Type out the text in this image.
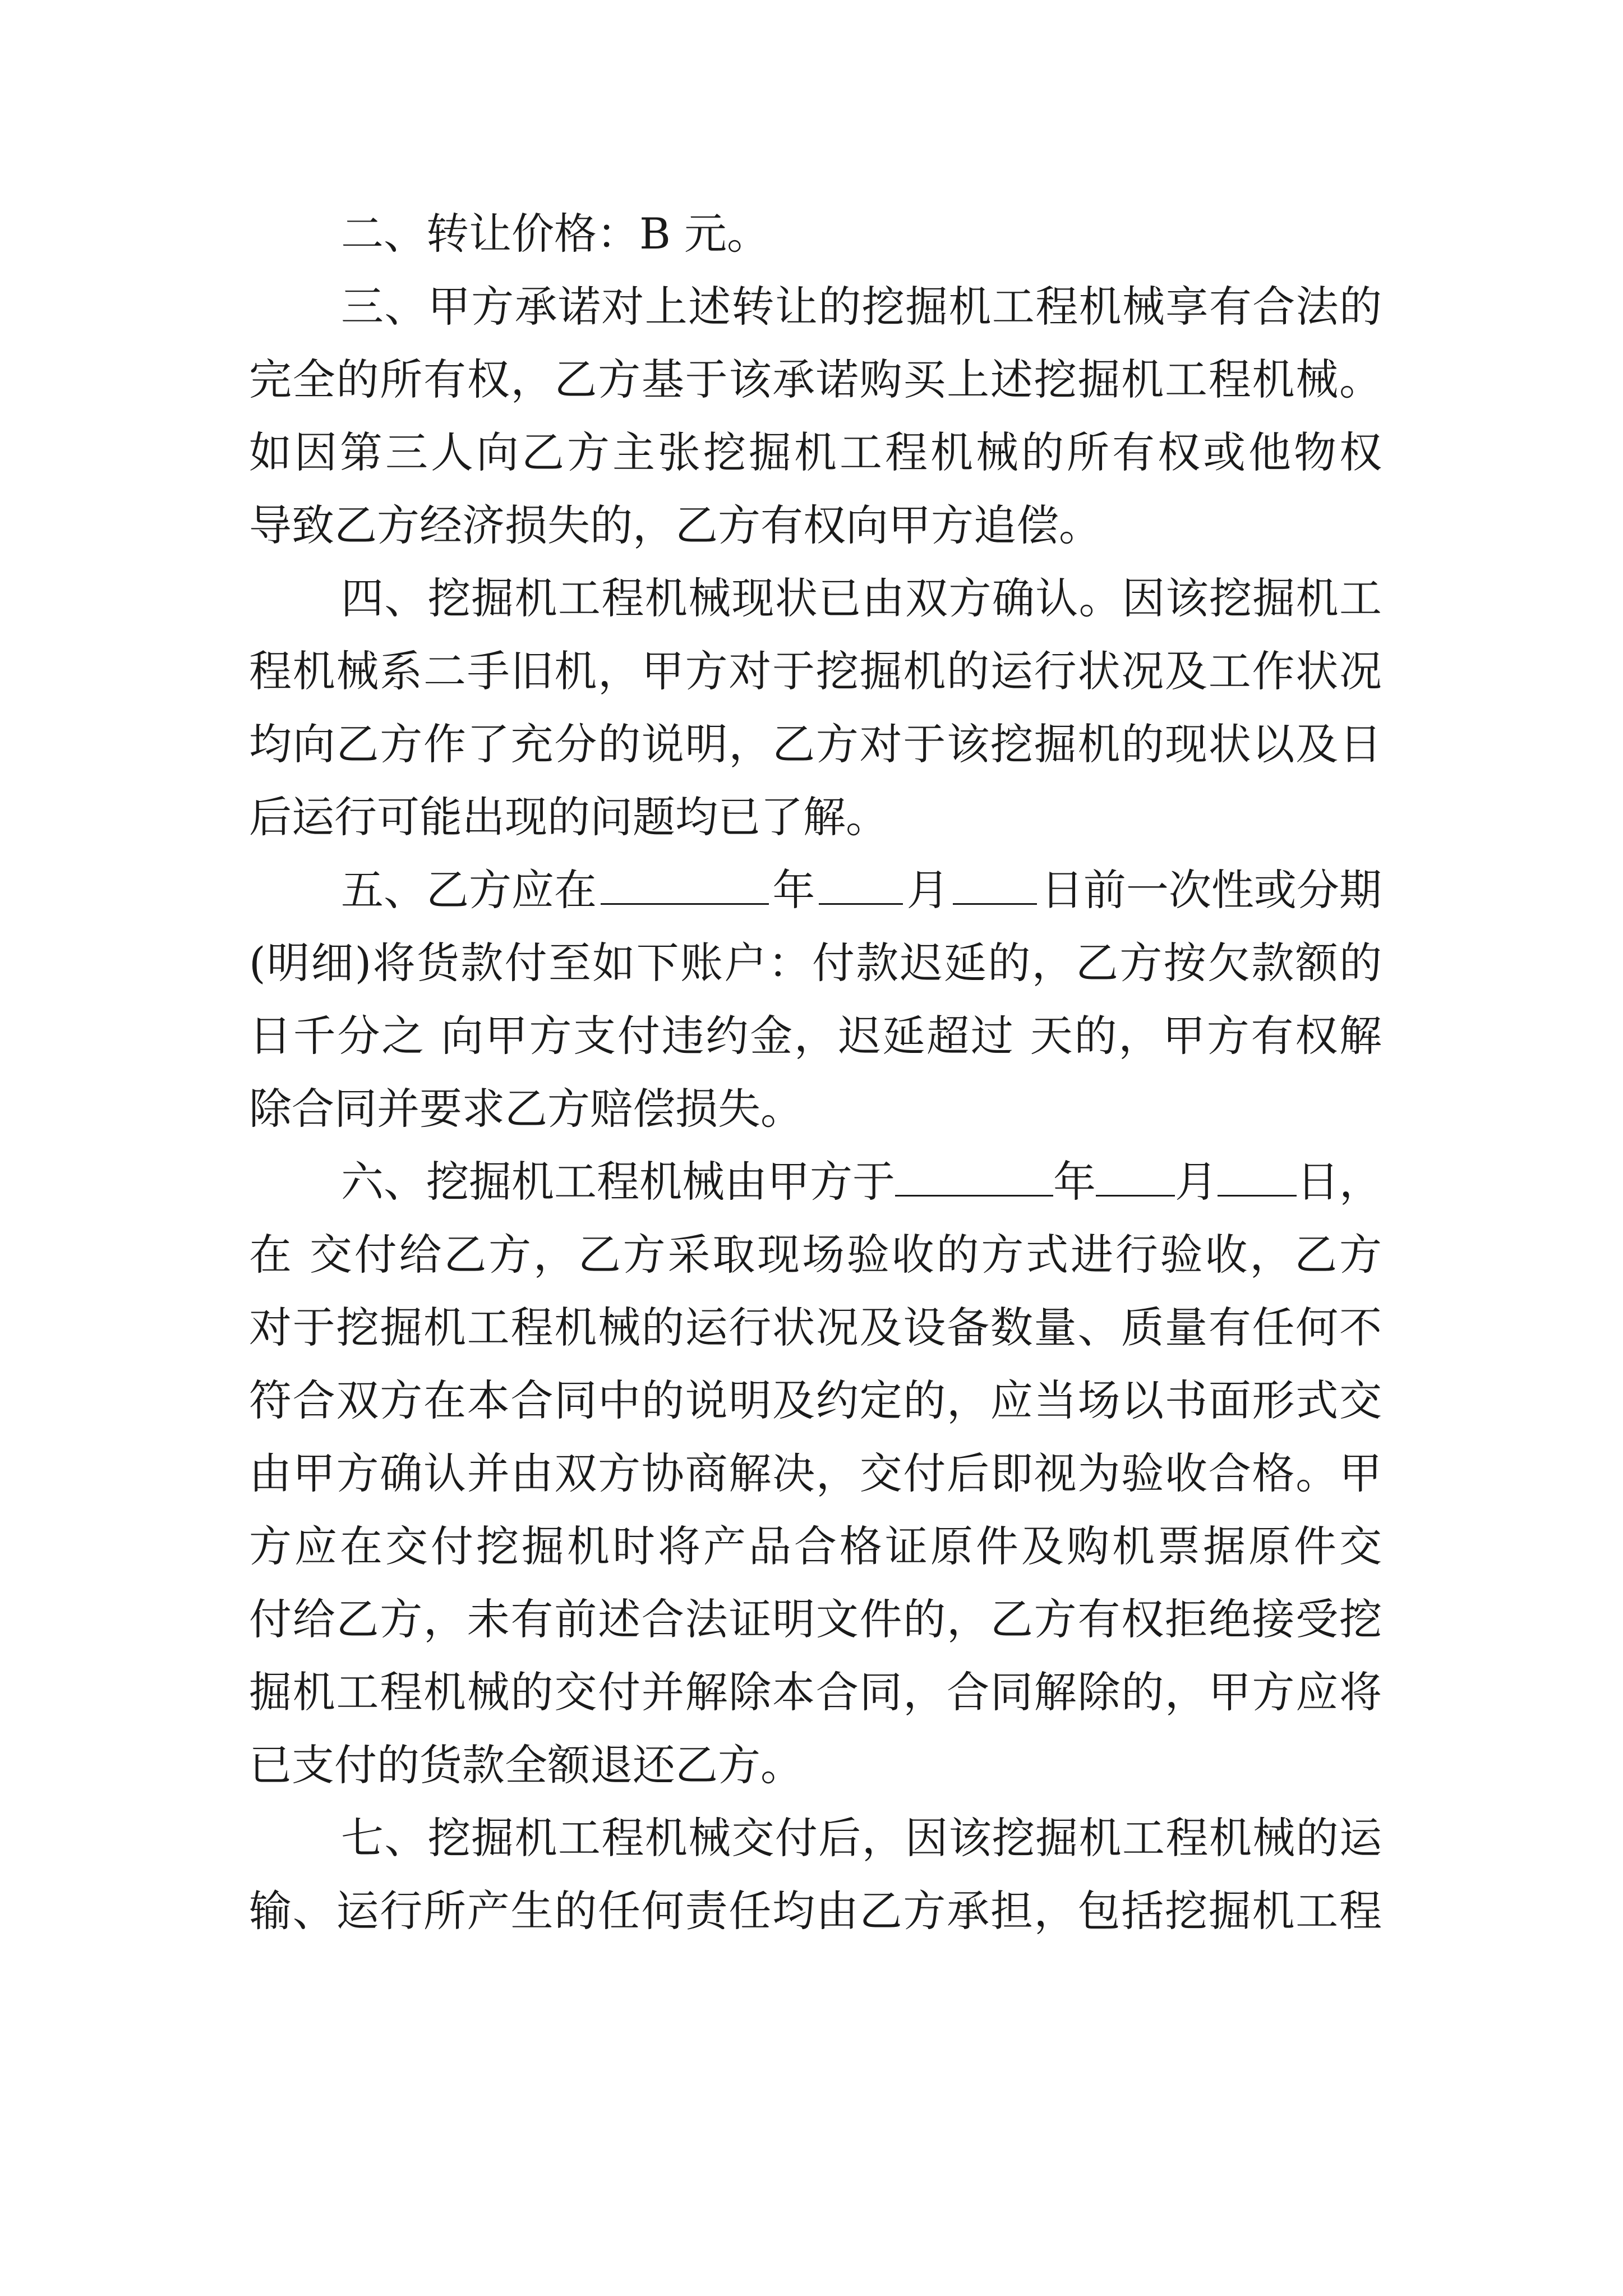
二、转让价格：B 元。
三、甲方承诺对上述转让的挖掘机工程机械享有合法的
完全的所有权，乙方基于该承诺购买上述挖掘机工程机械。
如因第三人向乙方主张挖掘机工程机械的所有权或他物权
导致乙方经济损失的，乙方有权向甲方追偿。
四、挖掘机工程机械现状已由双方确认。因该挖掘机工
程机械系二手旧机，甲方对于挖掘机的运行状况及工作状况
均向乙方作了充分的说明，乙方对于该挖掘机的现状以及日
后运行可能出现的问题均已了解。
五、乙方应在	年 月 日前一次性或分期
(明细)将货款付至如下账户：付款迟延的，乙方按欠款额的
日千分之 向甲方支付违约金，迟延超过 天的，甲方有权解
除合同并要求乙方赔偿损失。
六、挖掘机工程机械由甲方于	年 月 日，
在 交付给乙方，乙方采取现场验收的方式进行验收，乙方
对于挖掘机工程机械的运行状况及设备数量、质量有任何不
符合双方在本合同中的说明及约定的，应当场以书面形式交
由甲方确认并由双方协商解决，交付后即视为验收合格。甲
方应在交付挖掘机时将产品合格证原件及购机票据原件交
付给乙方，未有前述合法证明文件的，乙方有权拒绝接受挖
掘机工程机械的交付并解除本合同，合同解除的，甲方应将
已支付的货款全额退还乙方。
七、挖掘机工程机械交付后，因该挖掘机工程机械的运
输、运行所产生的任何责任均由乙方承担，包括挖掘机工程
